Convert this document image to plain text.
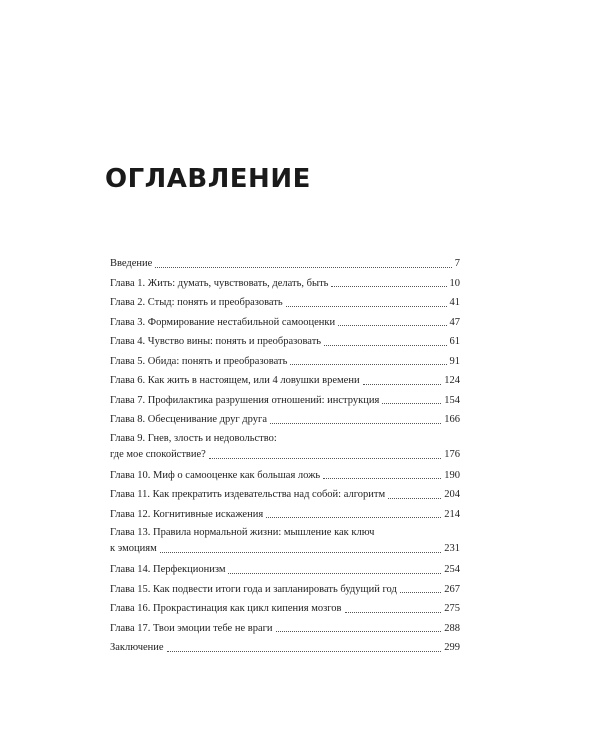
ОГЛАВЛЕНИЕ
Введение	7
Глава 1. Жить: думать, чувствовать, делать, быть	10
Глава 2. Стыд: понять и преобразовать	41
Глава 3. Формирование нестабильной самооценки	47
Глава 4. Чувство вины: понять и преобразовать	61
Глава 5. Обида: понять и преобразовать	91
Глава 6. Как жить в настоящем, или 4 ловушки времени	124
Глава 7. Профилактика разрушения отношений: инструкция	154
Глава 8. Обесценивание друг друга	166
Глава 9. Гнев, злость и недовольство:
где мое спокойствие?	176
Глава 10. Миф о самооценке как большая ложь	190
Глава 11. Как прекратить издевательства над собой: алгоритм	204
Глава 12. Когнитивные искажения	214
Глава 13. Правила нормальной жизни: мышление как ключ
к эмоциям	231
Глава 14. Перфекционизм	254
Глава 15. Как подвести итоги года и запланировать будущий год	267
Глава 16. Прокрастинация как цикл кипения мозгов	275
Глава 17. Твои эмоции тебе не враги	288
Заключение	299
